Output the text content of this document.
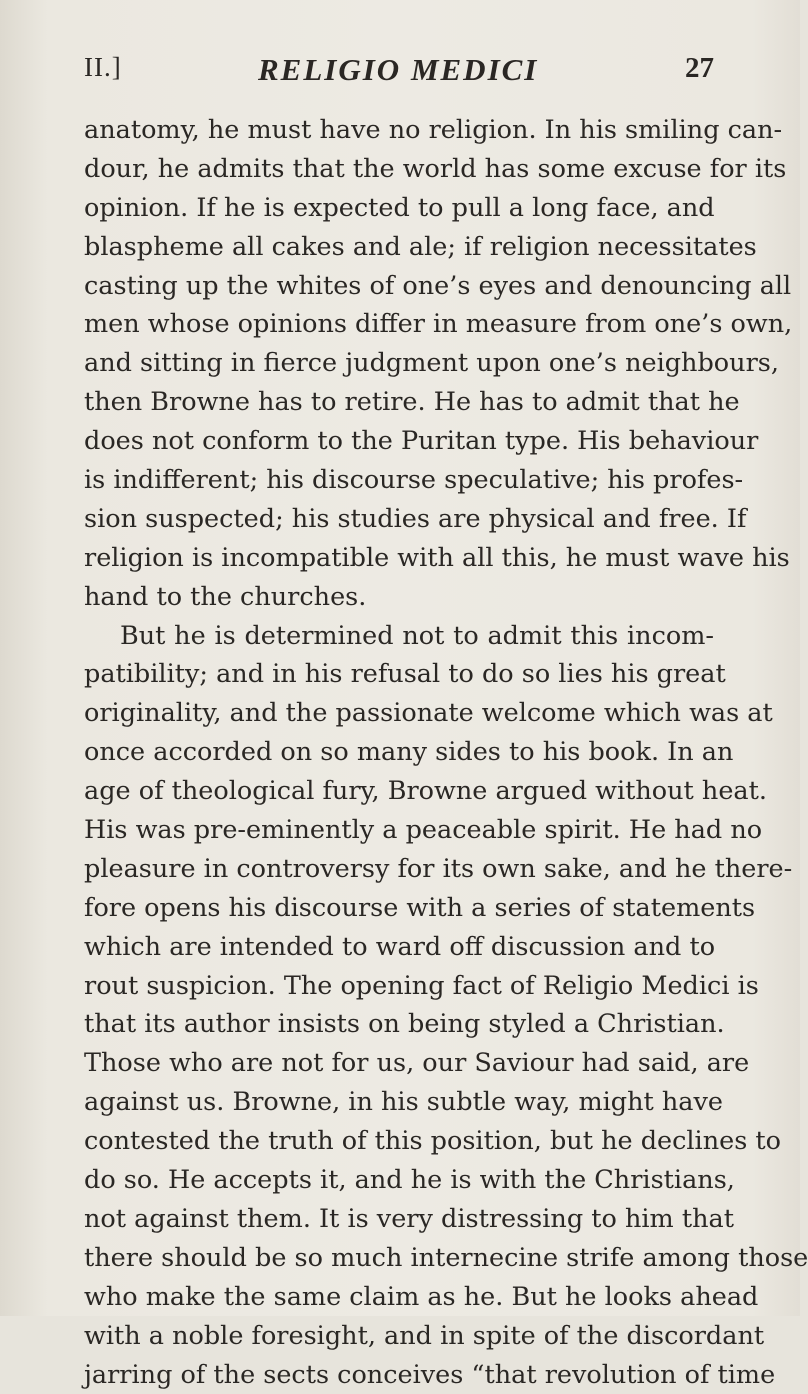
II.]	RELIGIO MEDICI	27
anatomy, he must have no religion. In his smiling can-
dour, he admits that the world has some excuse for its
opinion. If he is expected to pull a long face, and
blaspheme all cakes and ale; if religion necessitates
casting up the whites of one’s eyes and denouncing all
men whose opinions differ in measure from one’s own,
and sitting in fierce judgment upon one’s neighbours,
then Browne has to retire. He has to admit that he
does not conform to the Puritan type. His behaviour
is indifferent; his discourse speculative; his profes-
sion suspected; his studies are physical and free. If
religion is incompatible with all this, he must wave his
hand to the churches.
But he is determined not to admit this incom-
patibility; and in his refusal to do so lies his great
originality, and the passionate welcome which was at
once accorded on so many sides to his book. In an
age of theological fury, Browne argued without heat.
His was pre-eminently a peaceable spirit. He had no
pleasure in controversy for its own sake, and he there-
fore opens his discourse with a series of statements
which are intended to ward off discussion and to
rout suspicion. The opening fact of Religio Medici is
that its author insists on being styled a Christian.
Those who are not for us, our Saviour had said, are
against us. Browne, in his subtle way, might have
contested the truth of this position, but he declines to
do so. He accepts it, and he is with the Christians,
not against them. It is very distressing to him that
there should be so much internecine strife among those
who make the same claim as he. But he looks ahead
with a noble foresight, and in spite of the discordant
jarring of the sects conceives “that revolution of time
